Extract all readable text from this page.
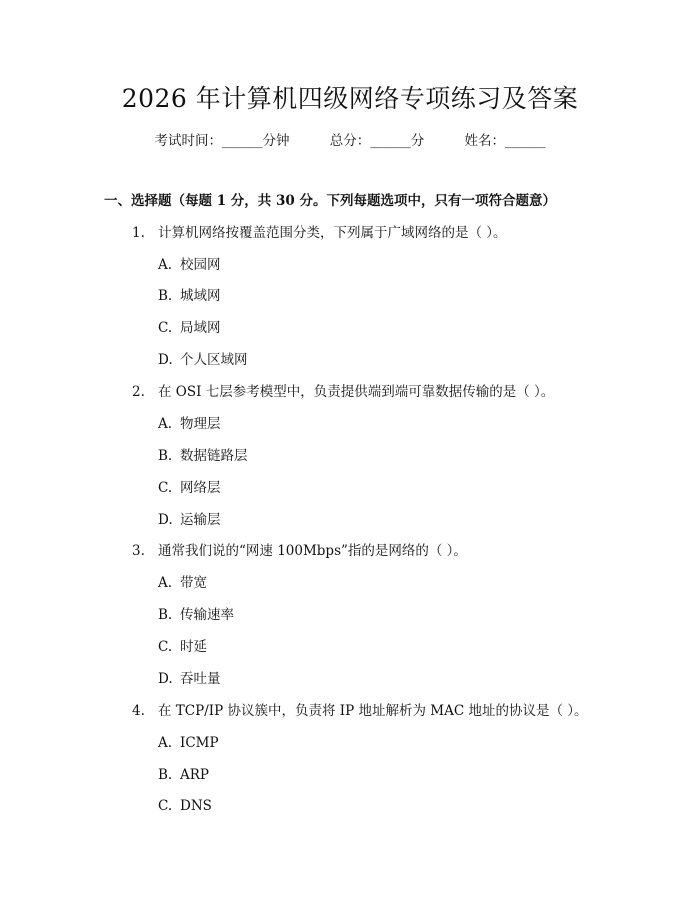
2026 年计算机四级网络专项练习及答案
考试时间：______分钟	总分：______分	姓名：______
一、选择题（每题 1 分，共 30 分。下列每题选项中，只有一项符合题意）
1. 计算机网络按覆盖范围分类，下列属于广域网络的是（ ）。
A. 校园网
B. 城域网
C. 局域网
D. 个人区域网
2. 在 OSI 七层参考模型中，负责提供端到端可靠数据传输的是（ ）。
A. 物理层
B. 数据链路层
C. 网络层
D. 运输层
3. 通常我们说的“网速 100Mbps”指的是网络的（ ）。
A. 带宽
B. 传输速率
C. 时延
D. 吞吐量
4. 在 TCP/IP 协议簇中，负责将 IP 地址解析为 MAC 地址的协议是（ ）。
A. ICMP
B. ARP
C. DNS
